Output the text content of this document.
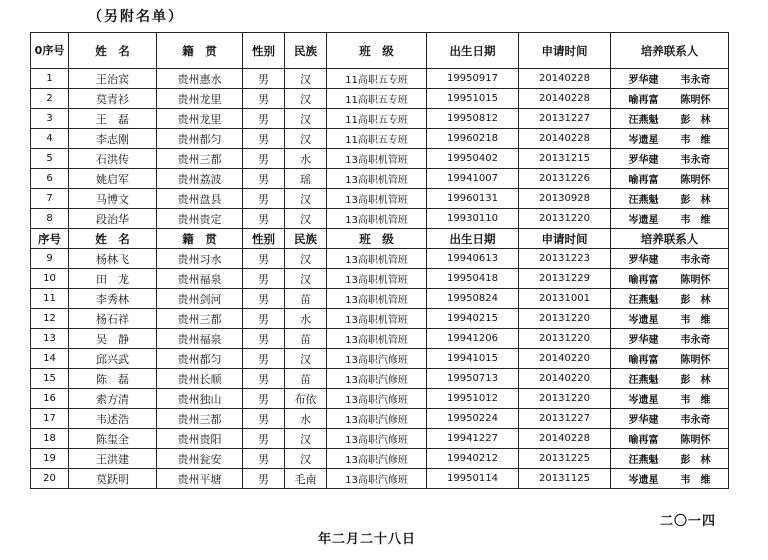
（另附名单）
0序号	姓　名	籍　贯	性别	民族	班　级	出生日期	申请时间	培养联系人
1	王治宾	贵州惠水	男	汉	11高职五专班	19950917	20140228	罗华建 韦永奇
2	莫青衫	贵州龙里	男	汉	11高职五专班	19951015	20140228	喻再富 陈明怀
3	王　磊	贵州龙里	男	汉	11高职五专班	19950812	20131227	汪燕魁 彭　林
4	李志刚	贵州都匀	男	汉	11高职五专班	19960218	20140228	岑遗星 韦　维
5	石洪传	贵州三都	男	水	13高职机管班	19950402	20131215	罗华建 韦永奇
6	姚启军	贵州荔波	男	瑶	13高职机管班	19941007	20131226	喻再富 陈明怀
7	马博文	贵州盘县	男	汉	13高职机管班	19960131	20130928	汪燕魁 彭　林
8	段治华	贵州贵定	男	汉	13高职机管班	19930110	20131220	岑遗星 韦　维
序号	姓　名	籍　贯	性别	民族	班　级	出生日期	申请时间	培养联系人
9	杨林飞	贵州习水	男	汉	13高职机管班	19940613	20131223	罗华建 韦永奇
10	田　龙	贵州福泉	男	汉	13高职机管班	19950418	20131229	喻再富 陈明怀
11	李秀林	贵州剑河	男	苗	13高职机管班	19950824	20131001	汪燕魁 彭　林
12	杨石祥	贵州三都	男	水	13高职机管班	19940215	20131220	岑遗星 韦　维
13	吴　静	贵州福泉	男	苗	13高职机管班	19941206	20131220	罗华建 韦永奇
14	邱兴武	贵州都匀	男	汉	13高职汽修班	19941015	20140220	喻再富 陈明怀
15	陈　磊	贵州长顺	男	苗	13高职汽修班	19950713	20140220	汪燕魁 彭　林
16	索方清	贵州独山	男	布依	13高职汽修班	19951012	20131220	岑遗星 韦　维
17	韦述浩	贵州三都	男	水	13高职汽修班	19950224	20131227	罗华建 韦永奇
18	陈玺全	贵州贵阳	男	汉	13高职汽修班	19941227	20140228	喻再富 陈明怀
19	王洪建	贵州瓮安	男	汉	13高职汽修班	19940212	20131225	汪燕魁 彭　林
20	莫跃明	贵州平塘	男	毛南	13高职汽修班	19950114	20131125	岑遗星 韦　维
二〇一四
年二月二十八日
